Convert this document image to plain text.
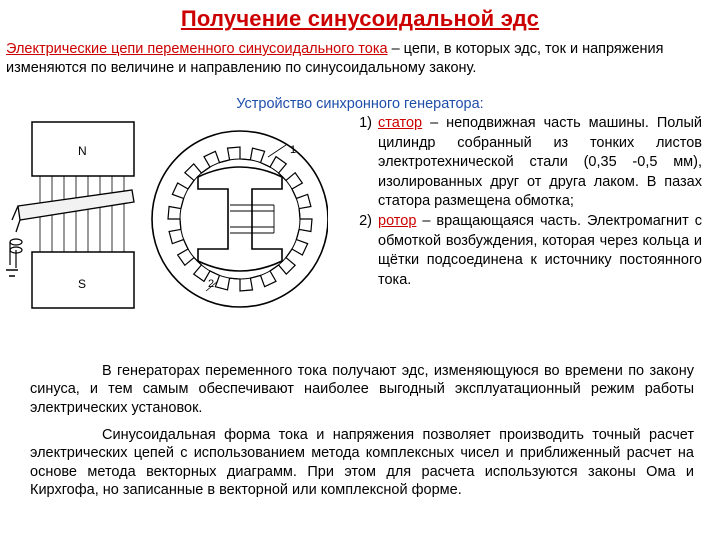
Получение синусоидальной эдс
Электрические цепи переменного синусоидального тока – цепи, в которых эдс, ток и напряжения изменяются по величине и направлению по синусоидальному закону.
Устройство синхронного генератора:
N
S
1
2
1) статор – неподвижная часть машины. Полый цилиндр собранный из тонких листов электротехнической стали (0,35 -0,5 мм), изолированных друг от друга лаком. В пазах статора размещена обмотка;
2) ротор – вращающаяся часть. Электромагнит с обмоткой возбуждения, которая через кольца и щётки подсоединена к источнику постоянного тока.
В генераторах переменного тока получают эдс, изменяющуюся во времени по закону синуса, и тем самым обеспечивают наиболее выгодный эксплуатационный режим работы электрических установок.
Синусоидальная форма тока и напряжения позволяет производить точный расчет электрических цепей с использованием метода комплексных чисел и приближенный расчет на основе метода векторных диаграмм. При этом для расчета используются законы Ома и Кирхгофа, но записанные в векторной или комплексной форме.
